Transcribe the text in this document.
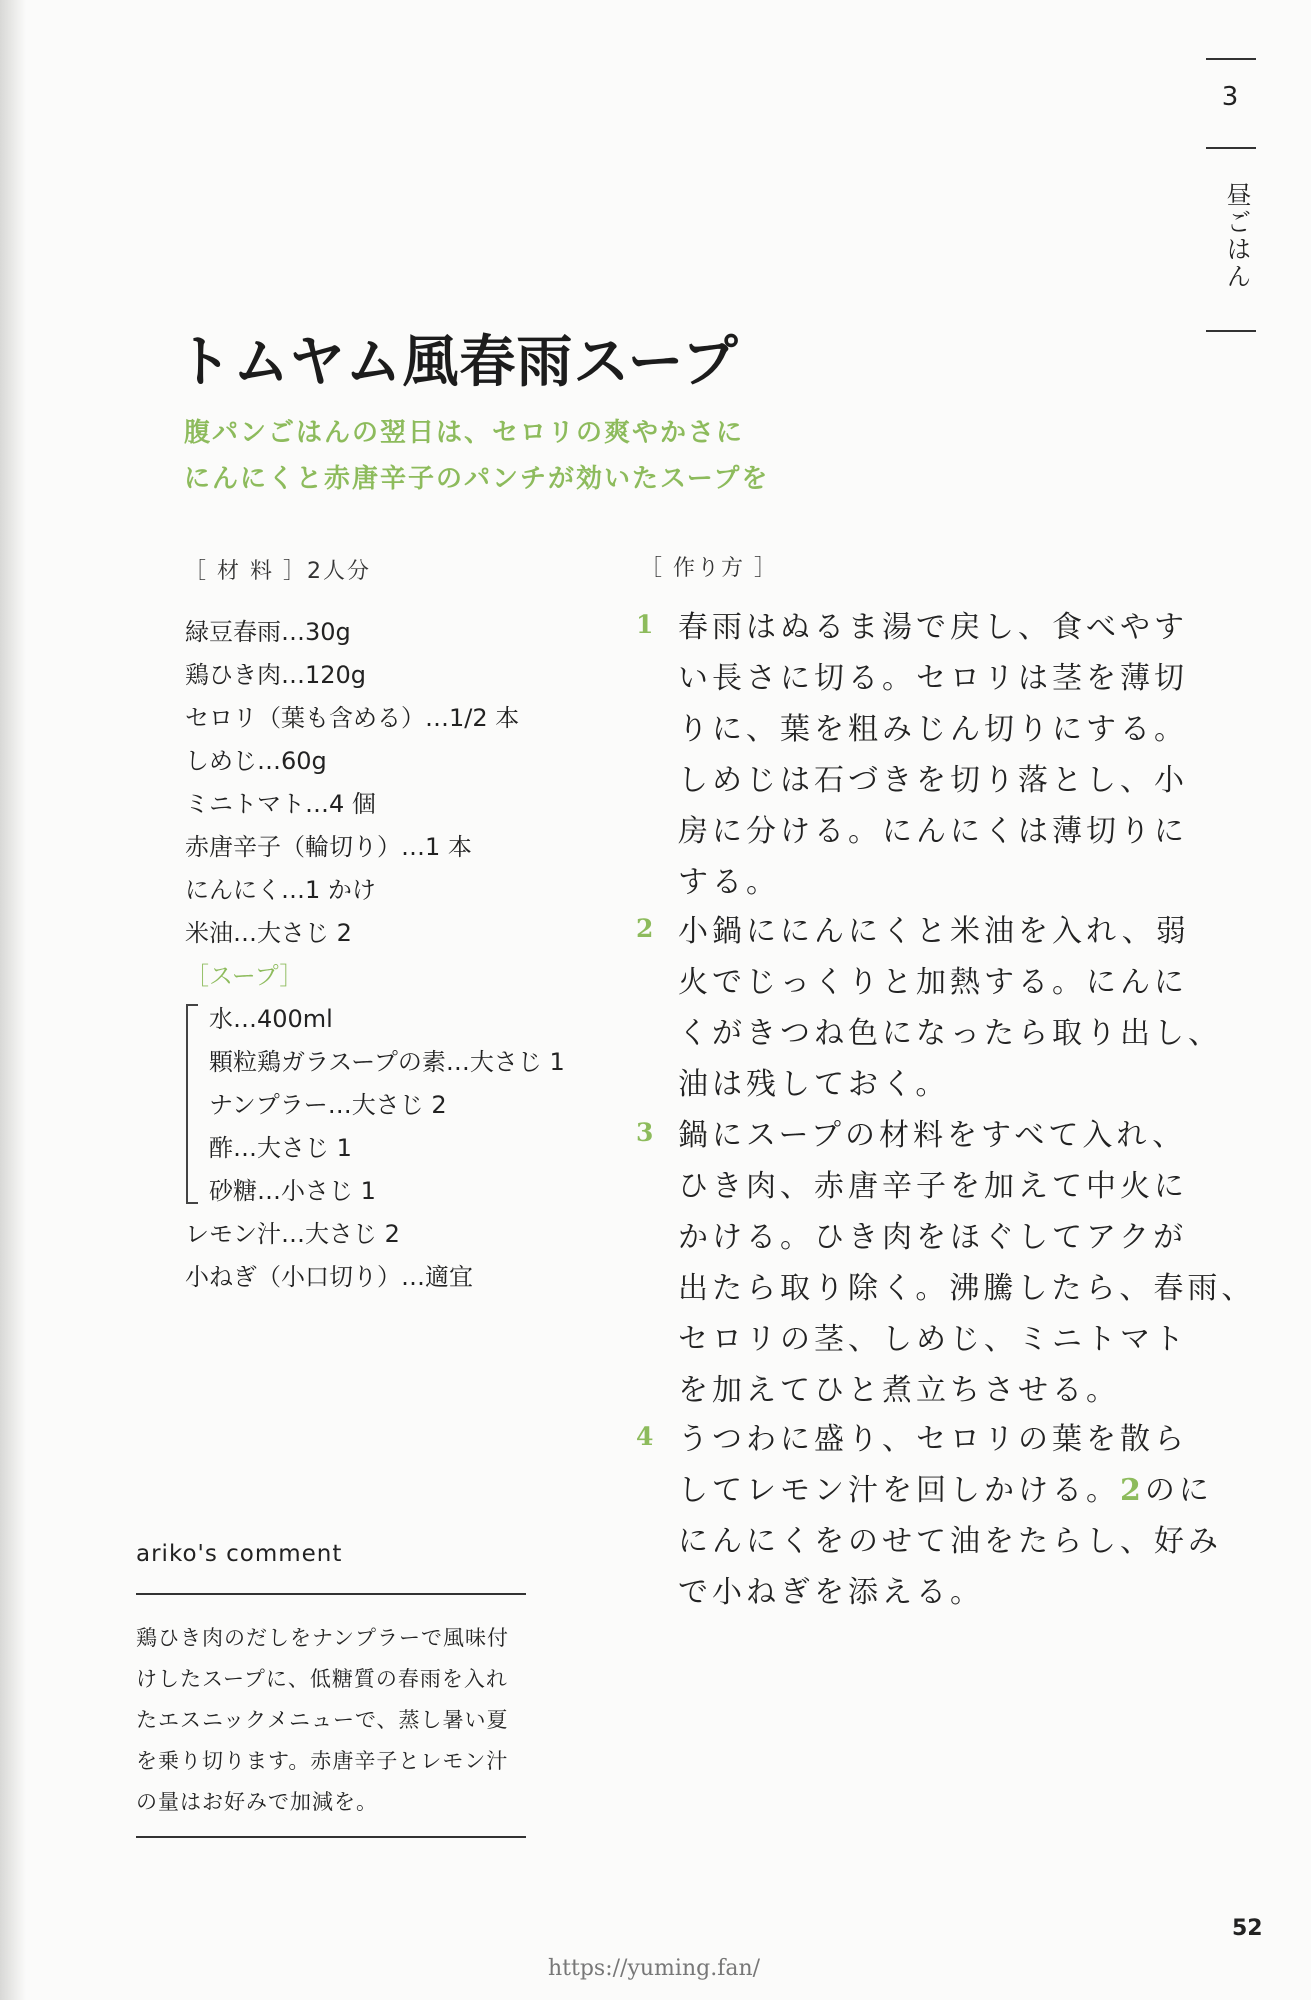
3
昼ごはん
トムヤム風春雨スープ
腹パンごはんの翌日は、セロリの爽やかさに
にんにくと赤唐辛子のパンチが効いたスープを
［ 材 料 ］2人分
緑豆春雨…30g
鶏ひき肉…120g
セロリ（葉も含める）…1/2 本
しめじ…60g
ミニトマト…4 個
赤唐辛子（輪切り）…1 本
にんにく…1 かけ
米油…大さじ 2
［スープ］
水…400ml
顆粒鶏ガラスープの素…大さじ 1
ナンプラー…大さじ 2
酢…大さじ 1
砂糖…小さじ 1
レモン汁…大さじ 2
小ねぎ（小口切り）…適宜
［ 作り方 ］
1 春雨はぬるま湯で戻し、食べやす
い長さに切る。セロリは茎を薄切
りに、葉を粗みじん切りにする。
しめじは石づきを切り落とし、小
房に分ける。にんにくは薄切りに
する。
2 小鍋ににんにくと米油を入れ、弱
火でじっくりと加熱する。にんに
くがきつね色になったら取り出し、
油は残しておく。
3 鍋にスープの材料をすべて入れ、
ひき肉、赤唐辛子を加えて中火に
かける。ひき肉をほぐしてアクが
出たら取り除く。沸騰したら、春雨、
セロリの茎、しめじ、ミニトマト
を加えてひと煮立ちさせる。
4 うつわに盛り、セロリの葉を散ら
してレモン汁を回しかける。2のに
にんにくをのせて油をたらし、好み
で小ねぎを添える。
ariko's comment
鶏ひき肉のだしをナンプラーで風味付
けしたスープに、低糖質の春雨を入れ
たエスニックメニューで、蒸し暑い夏
を乗り切ります。赤唐辛子とレモン汁
の量はお好みで加減を。
52
https://yuming.fan/
